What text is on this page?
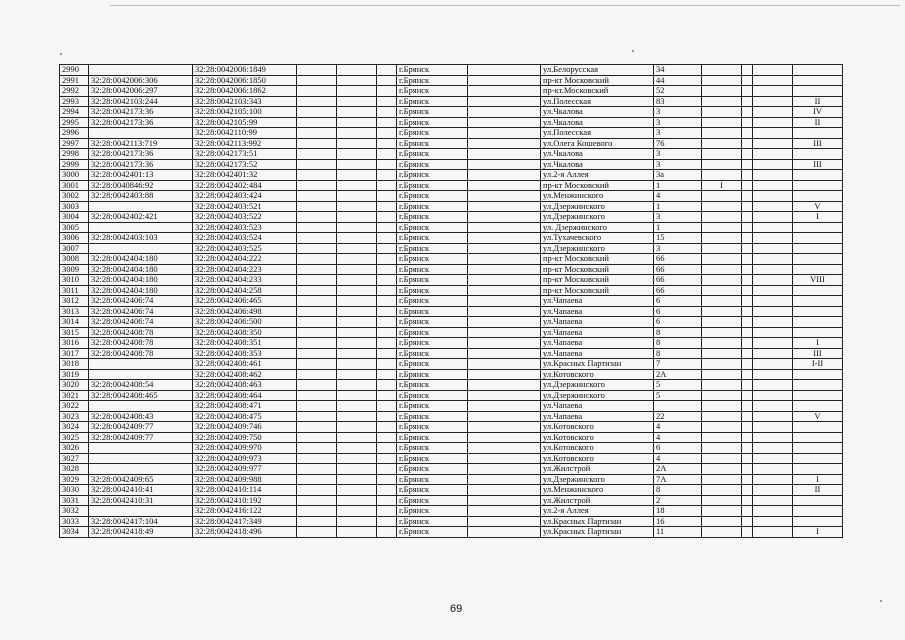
2990		32:28:0042006:1849				г.Брянск		ул.Белорусская	34				
2991	32:28:0042006:306	32:28:0042006:1850				г.Брянск		пр-кт Московский	44				
2992	32:28:0042006:297	32:28:0042006:1862				г.Брянск		пр-кт.Московский	52				
2993	32:28:0042103:244	32:28:0042103:343				г.Брянск		ул.Полесская	83				II
2994	32:28:0042173:36	32:28:0042105:100				г.Брянск		ул.Чкалова	3				IV
2995	32:28:0042173:36	32:28:0042105:99				г.Брянск		ул.Чкалова	3				II
2996		32:28:0042110:99				г.Брянск		ул.Полесская	3				
2997	32:28:0042113:719	32:28:0042113:992				г.Брянск		ул.Олега Кошевого	76				III
2998	32:28:0042173:36	32:28:0042173:51				г.Брянск		ул.Чкалова	3				
2999	32:28:0042173:36	32:28:0042173:52				г.Брянск		ул.Чкалова	3				III
3000	32:28:0042401:13	32:28:0042401:32				г.Брянск		ул.2-я Аллея	3а				
3001	32:28:0040846:92	32:28:0042402:484				г.Брянск		пр-кт Московский	1	I			
3002	32:28:0042403:88	32:28:0042403:424				г.Брянск		ул.Менжинского	4				
3003		32:28:0042403:521				г.Брянск		ул.Дзержинского	1				V
3004	32:28:0042402:421	32:28:0042403:522				г.Брянск		ул.Дзержинского	3				I
3005		32:28:0042403:523				г.Брянск		ул. Дзержинского	1				
3006	32:28:0042403:103	32:28:0042403:524				г.Брянск		ул.Тухачевского	15				
3007		32:28:0042403:525				г.Брянск		ул.Дзержинского	3				
3008	32:28:0042404:180	32:28:0042404:222				г.Брянск		пр-кт Московский	66				
3009	32:28:0042404:180	32:28:0042404:223				г.Брянск		пр-кт Московский	66				
3010	32:28:0042404:180	32:28:0042404:233				г.Брянск		пр-кт Московский	66				VIII
3011	32:28:0042404:180	32:28:0042404:258				г.Брянск		пр-кт Московский	66				
3012	32:28:0042406:74	32:28:0042406:465				г.Брянск		ул.Чапаева	6				
3013	32:28:0042406:74	32:28:0042406:498				г.Брянск		ул.Чапаева	6				
3014	32:28:0042406:74	32:28:0042406:500				г.Брянск		ул.Чапаева	6				
3015	32:28:0042408:78	32:28:0042408:350				г.Брянск		ул.Чапаева	8				
3016	32:28:0042408:78	32:28:0042408:351				г.Брянск		ул.Чапаева	8				I
3017	32:28:0042408:78	32:28:0042408:353				г.Брянск		ул.Чапаева	8				III
3018		32:28:0042408:461				г.Брянск		ул.Красных Партизан	7				I-II
3019		32:28:0042408:462				г.Брянск		ул.Котовского	2А				
3020	32:28:0042408:54	32:28:0042408:463				г.Брянск		ул.Дзержинского	5				
3021	32:28:0042408:465	32:28:0042408:464				г.Брянск		ул.Дзержинского	5				
3022		32:28:0042408:471				г.Брянск		ул.Чапаева					
3023	32:28:0042408:43	32:28:0042408:475				г.Брянск		ул.Чапаева	22				V
3024	32:28:0042409:77	32:28:0042409:746				г.Брянск		ул.Котовского	4				
3025	32:28:0042409:77	32:28:0042409:750				г.Брянск		ул.Котовского	4				
3026		32:28:0042409:970				г.Брянск		ул.Котовского	6				
3027		32:28:0042409:973				г.Брянск		ул.Котовского	4				
3028		32:28:0042409:977				г.Брянск		ул.Жилстрой	2А				
3029	32:28:0042409:65	32:28:0042409:988				г.Брянск		ул.Дзержинского	7А				I
3030	32:28:0042410:41	32:28:0042410:114				г.Брянск		ул.Менжинского	8				II
3031	32:28:0042410:31	32:28:0042410:192				г.Брянск		ул.Жилстрой	2				
3032		32:28:0042416:122				г.Брянск		ул.2-я Аллея	18				
3033	32:28:0042417:104	32:28:0042417:349				г.Брянск		ул.Красных Партизан	16				
3034	32:28:0042418:49	32:28:0042418:496				г.Брянск		ул.Красных Партизан	11				I
69
